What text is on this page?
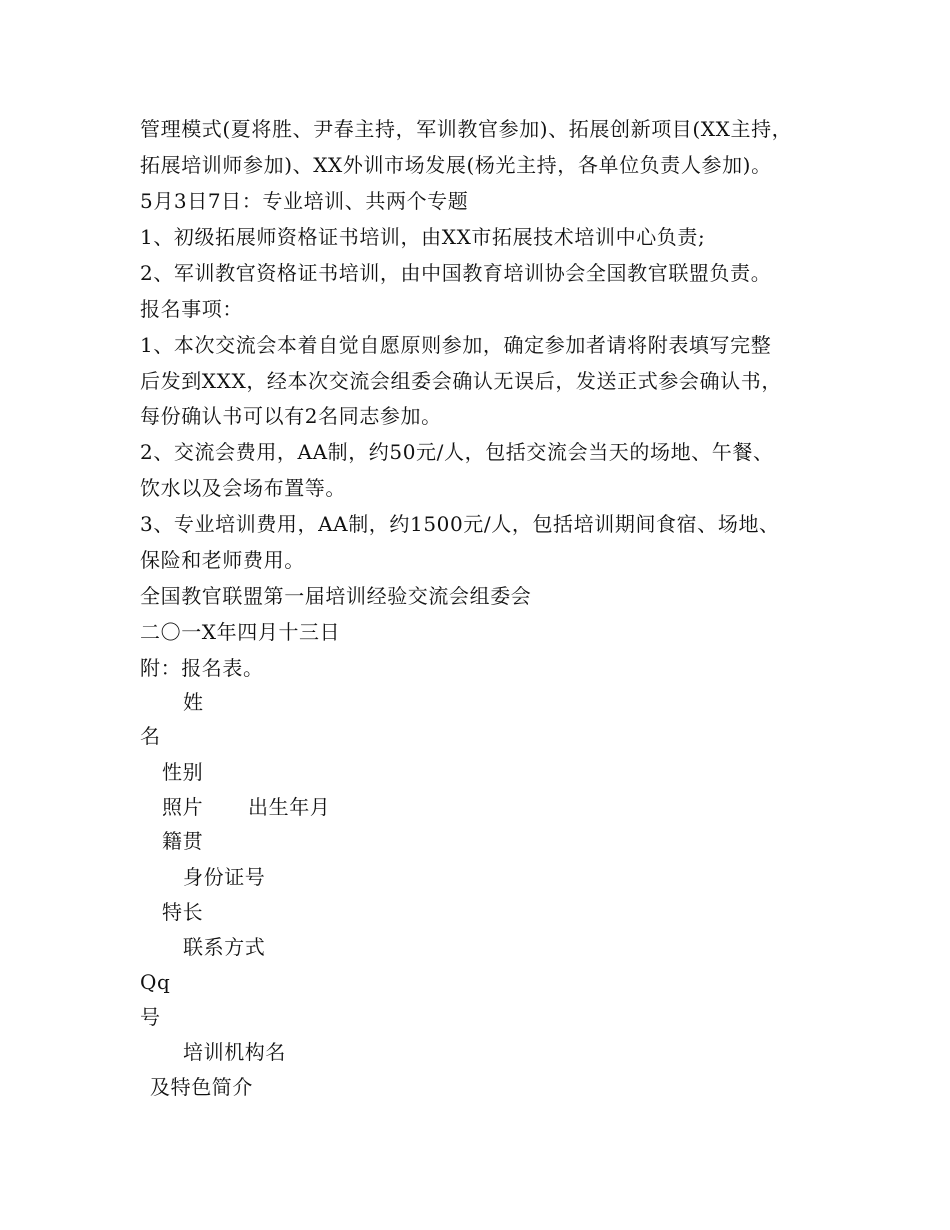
管理模式(夏将胜、尹春主持，军训教官参加)、拓展创新项目(XX主持，
拓展培训师参加)、XX外训市场发展(杨光主持，各单位负责人参加)。
5月3日7日：专业培训、共两个专题
1、初级拓展师资格证书培训，由XX市拓展技术培训中心负责;
2、军训教官资格证书培训，由中国教育培训协会全国教官联盟负责。
报名事项：
1、本次交流会本着自觉自愿原则参加，确定参加者请将附表填写完整
后发到XXX，经本次交流会组委会确认无误后，发送正式参会确认书，
每份确认书可以有2名同志参加。
2、交流会费用，AA制，约50元/人，包括交流会当天的场地、午餐、
饮水以及会场布置等。
3、专业培训费用，AA制，约1500元/人，包括培训期间食宿、场地、
保险和老师费用。
全国教官联盟第一届培训经验交流会组委会
二〇一X年四月十三日
附：报名表。
姓
名
性别
照片 出生年月
籍贯
身份证号
特长
联系方式
Qq
号
培训机构名
及特色简介
